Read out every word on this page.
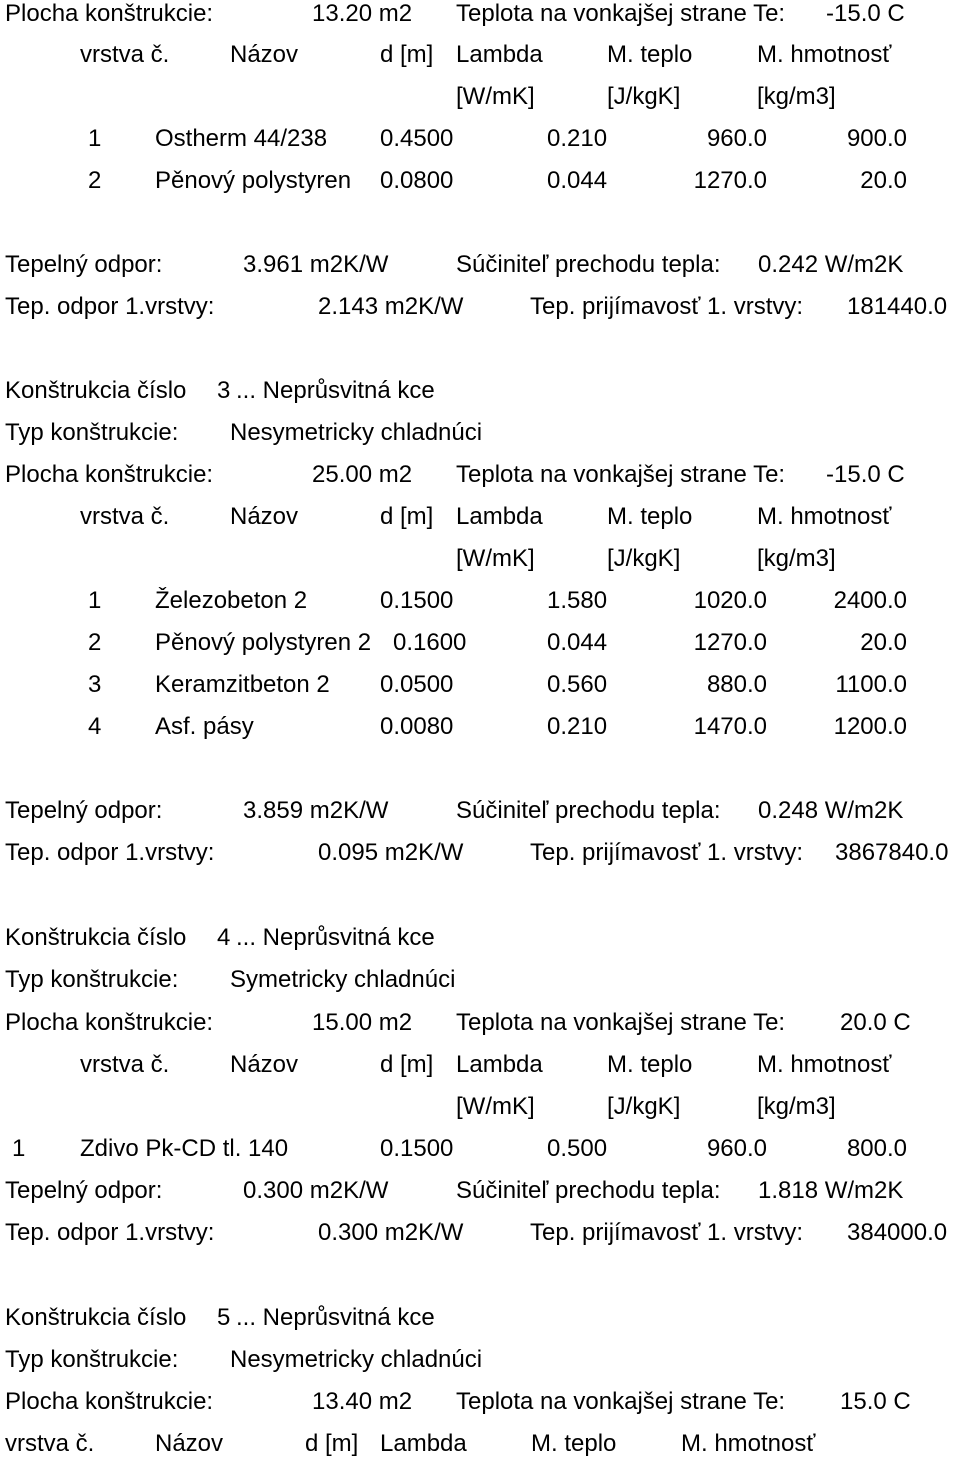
Plocha konštrukcie:	13.20 m2 Teplota na vonkajšej strane Te: -15.0 C
vrstva č.	Názov	d [m] Lambda	M. teplo	M. hmotnosť
[W/mK]	[J/kgK]	[kg/m3]
1 Ostherm 44/238 0.4500	0.210	960.0	900.0
2 Pěnový polystyren 0.0800	0.044	1270.0	20.0
Tepelný odpor:	3.961 m2K/W	Súčiniteľ prechodu tepla: 0.242 W/m2K
Tep. odpor 1.vrstvy:	2.143 m2K/W	Tep. prijímavosť 1. vrstvy: 181440.0
Konštrukcia číslo 3 ... Neprůsvitná kce
Typ konštrukcie: Nesymetricky chladnúci
Plocha konštrukcie:	25.00 m2 Teplota na vonkajšej strane Te: -15.0 C
vrstva č.	Názov	d [m] Lambda	M. teplo	M. hmotnosť
[W/mK]	[J/kgK]	[kg/m3]
1 Železobeton 2	0.1500	1.580	1020.0	2400.0
2 Pěnový polystyren 2 0.1600	0.044	1270.0	20.0
3 Keramzitbeton 2 0.0500	0.560	880.0	1100.0
4 Asf. pásy	0.0080	0.210	1470.0	1200.0
Tepelný odpor:	3.859 m2K/W	Súčiniteľ prechodu tepla: 0.248 W/m2K
Tep. odpor 1.vrstvy:	0.095 m2K/W	Tep. prijímavosť 1. vrstvy: 3867840.0
Konštrukcia číslo 4 ... Neprůsvitná kce
Typ konštrukcie: Symetricky chladnúci
Plocha konštrukcie:	15.00 m2 Teplota na vonkajšej strane Te: 20.0 C
vrstva č.	Názov	d [m] Lambda	M. teplo	M. hmotnosť
[W/mK]	[J/kgK]	[kg/m3]
1 Zdivo Pk-CD tl. 140	0.1500	0.500	960.0	800.0
Tepelný odpor:	0.300 m2K/W	Súčiniteľ prechodu tepla: 1.818 W/m2K
Tep. odpor 1.vrstvy:	0.300 m2K/W	Tep. prijímavosť 1. vrstvy: 384000.0
Konštrukcia číslo 5 ... Neprůsvitná kce
Typ konštrukcie: Nesymetricky chladnúci
Plocha konštrukcie:	13.40 m2 Teplota na vonkajšej strane Te: 15.0 C
vrstva č.	Názov	d [m] Lambda	M. teplo	M. hmotnosť
